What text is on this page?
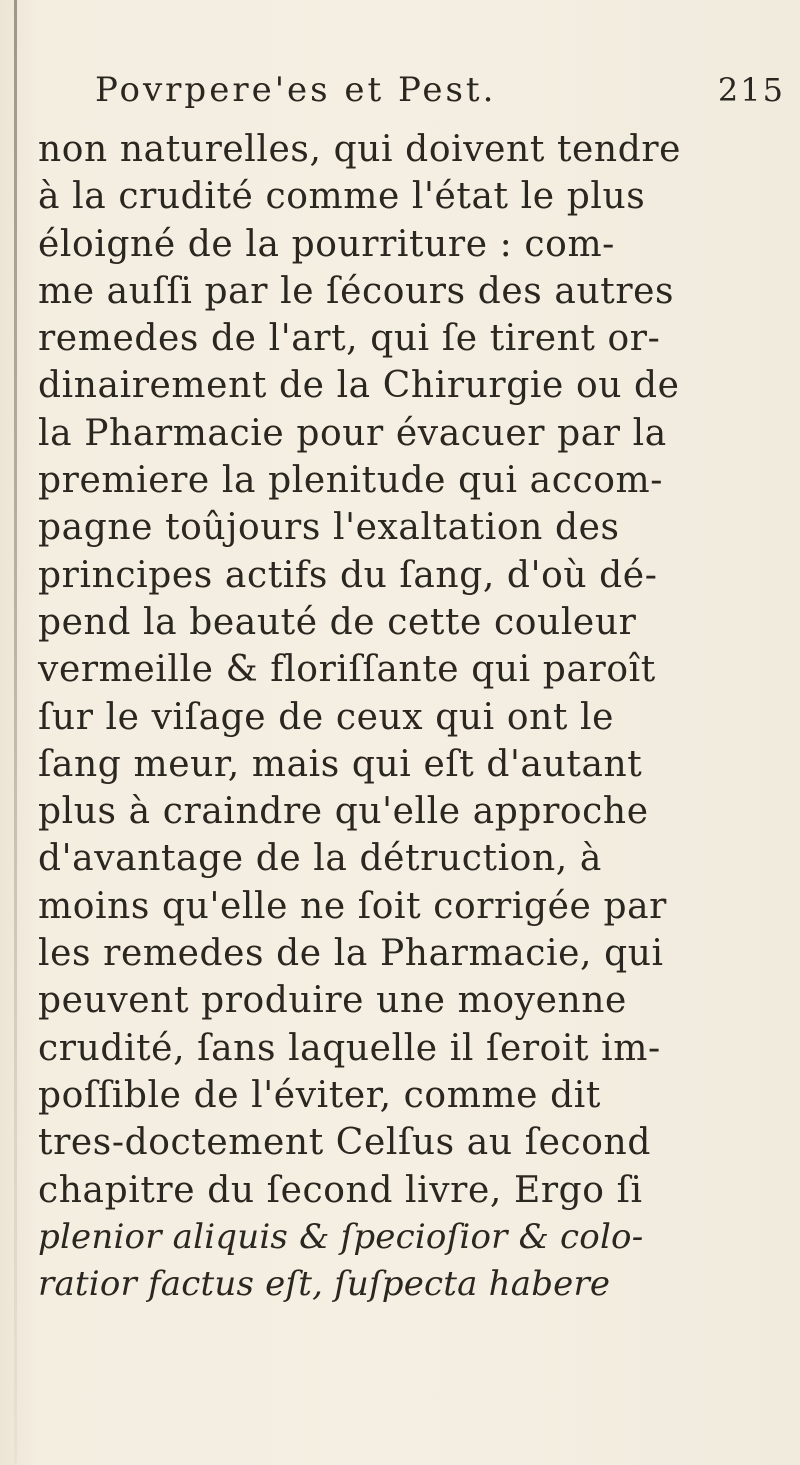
Povrpere'es et Pest.	215
non naturelles, qui doivent tendre
à la crudité comme l'état le plus
éloigné de la pourriture : com-
me auſſi par le ſécours des autres
remedes de l'art, qui ſe tirent or-
dinairement de la Chirurgie ou de
la Pharmacie pour évacuer par la
premiere la plenitude qui accom-
pagne toûjours l'exaltation des
principes actifs du ſang, d'où dé-
pend la beauté de cette couleur
vermeille & floriſſante qui paroît
ſur le viſage de ceux qui ont le
ſang meur, mais qui eſt d'autant
plus à craindre qu'elle approche
d'avantage de la détruction, à
moins qu'elle ne ſoit corrigée par
les remedes de la Pharmacie, qui
peuvent produire une moyenne
crudité, ſans laquelle il ſeroit im-
poſſible de l'éviter, comme dit
tres-doctement Celſus au ſecond
chapitre du ſecond livre, Ergo ſi
plenior aliquis & ſpecioſior & colo-
ratior factus eſt, ſuſpecta habere
